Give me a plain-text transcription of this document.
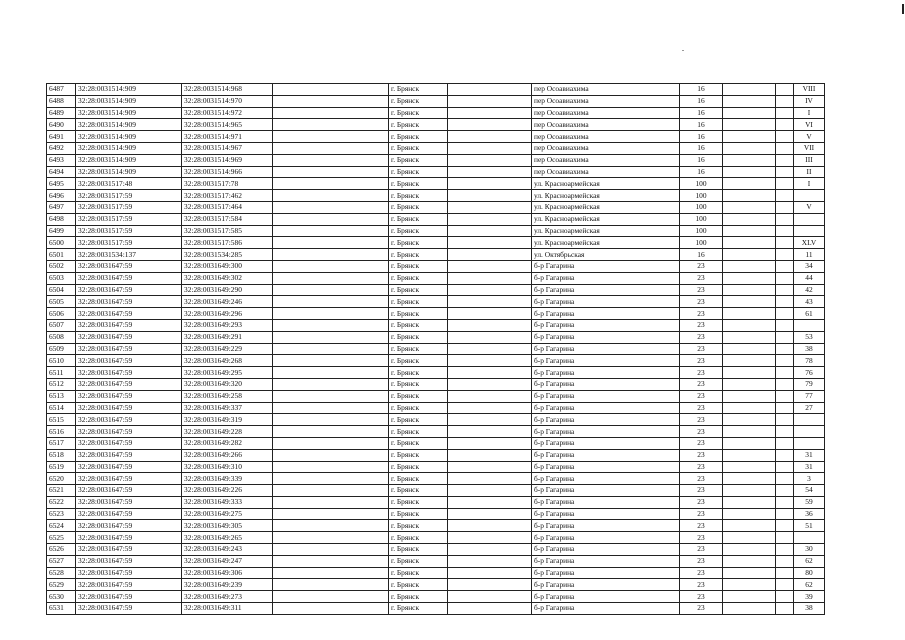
6487	32:28:0031514:909	32:28:0031514:968		г. Брянск		пер Осоавиахима	16			VIII
6488	32:28:0031514:909	32:28:0031514:970		г. Брянск		пер Осоавиахима	16			IV
6489	32:28:0031514:909	32:28:0031514:972		г. Брянск		пер Осоавиахима	16			I
6490	32:28:0031514:909	32:28:0031514:965		г. Брянск		пер Осоавиахима	16			VI
6491	32:28:0031514:909	32:28:0031514:971		г. Брянск		пер Осоавиахима	16			V
6492	32:28:0031514:909	32:28:0031514:967		г. Брянск		пер Осоавиахима	16			VII
6493	32:28:0031514:909	32:28:0031514:969		г. Брянск		пер Осоавиахима	16			III
6494	32:28:0031514:909	32:28:0031514:966		г. Брянск		пер Осоавиахима	16			II
6495	32:28:0031517:48	32:28:0031517:78		г. Брянск		ул. Красноармейская	100			I
6496	32:28:0031517:59	32:28:0031517:462		г. Брянск		ул. Красноармейская	100			
6497	32:28:0031517:59	32:28:0031517:464		г. Брянск		ул. Красноармейская	100			V
6498	32:28:0031517:59	32:28:0031517:584		г. Брянск		ул. Красноармейская	100			
6499	32:28:0031517:59	32:28:0031517:585		г. Брянск		ул. Красноармейская	100			
6500	32:28:0031517:59	32:28:0031517:586		г. Брянск		ул. Красноармейская	100			XLV
6501	32:28:0031534:137	32:28:0031534:285		г. Брянск		ул. Октябрьская	16			11
6502	32:28:0031647:59	32:28:0031649:300		г. Брянск		б-р Гагарина	23			34
6503	32:28:0031647:59	32:28:0031649:302		г. Брянск		б-р Гагарина	23			44
6504	32:28:0031647:59	32:28:0031649:290		г. Брянск		б-р Гагарина	23			42
6505	32:28:0031647:59	32:28:0031649:246		г. Брянск		б-р Гагарина	23			43
6506	32:28:0031647:59	32:28:0031649:296		г. Брянск		б-р Гагарина	23			61
6507	32:28:0031647:59	32:28:0031649:293		г. Брянск		б-р Гагарина	23			
6508	32:28:0031647:59	32:28:0031649:291		г. Брянск		б-р Гагарина	23			53
6509	32:28:0031647:59	32:28:0031649:229		г. Брянск		б-р Гагарина	23			38
6510	32:28:0031647:59	32:28:0031649:268		г. Брянск		б-р Гагарина	23			78
6511	32:28:0031647:59	32:28:0031649:295		г. Брянск		б-р Гагарина	23			76
6512	32:28:0031647:59	32:28:0031649:320		г. Брянск		б-р Гагарина	23			79
6513	32:28:0031647:59	32:28:0031649:258		г. Брянск		б-р Гагарина	23			77
6514	32:28:0031647:59	32:28:0031649:337		г. Брянск		б-р Гагарина	23			27
6515	32:28:0031647:59	32:28:0031649:319		г. Брянск		б-р Гагарина	23			
6516	32:28:0031647:59	32:28:0031649:228		г. Брянск		б-р Гагарина	23			
6517	32:28:0031647:59	32:28:0031649:282		г. Брянск		б-р Гагарина	23			
6518	32:28:0031647:59	32:28:0031649:266		г. Брянск		б-р Гагарина	23			31
6519	32:28:0031647:59	32:28:0031649:310		г. Брянск		б-р Гагарина	23			31
6520	32:28:0031647:59	32:28:0031649:339		г. Брянск		б-р Гагарина	23			3
6521	32:28:0031647:59	32:28:0031649:226		г. Брянск		б-р Гагарина	23			54
6522	32:28:0031647:59	32:28:0031649:333		г. Брянск		б-р Гагарина	23			59
6523	32:28:0031647:59	32:28:0031649:275		г. Брянск		б-р Гагарина	23			36
6524	32:28:0031647:59	32:28:0031649:305		г. Брянск		б-р Гагарина	23			51
6525	32:28:0031647:59	32:28:0031649:265		г. Брянск		б-р Гагарина	23			
6526	32:28:0031647:59	32:28:0031649:243		г. Брянск		б-р Гагарина	23			30
6527	32:28:0031647:59	32:28:0031649:247		г. Брянск		б-р Гагарина	23			62
6528	32:28:0031647:59	32:28:0031649:306		г. Брянск		б-р Гагарина	23			80
6529	32:28:0031647:59	32:28:0031649:239		г. Брянск		б-р Гагарина	23			62
6530	32:28:0031647:59	32:28:0031649:273		г. Брянск		б-р Гагарина	23			39
6531	32:28:0031647:59	32:28:0031649:311		г. Брянск		б-р Гагарина	23			38
